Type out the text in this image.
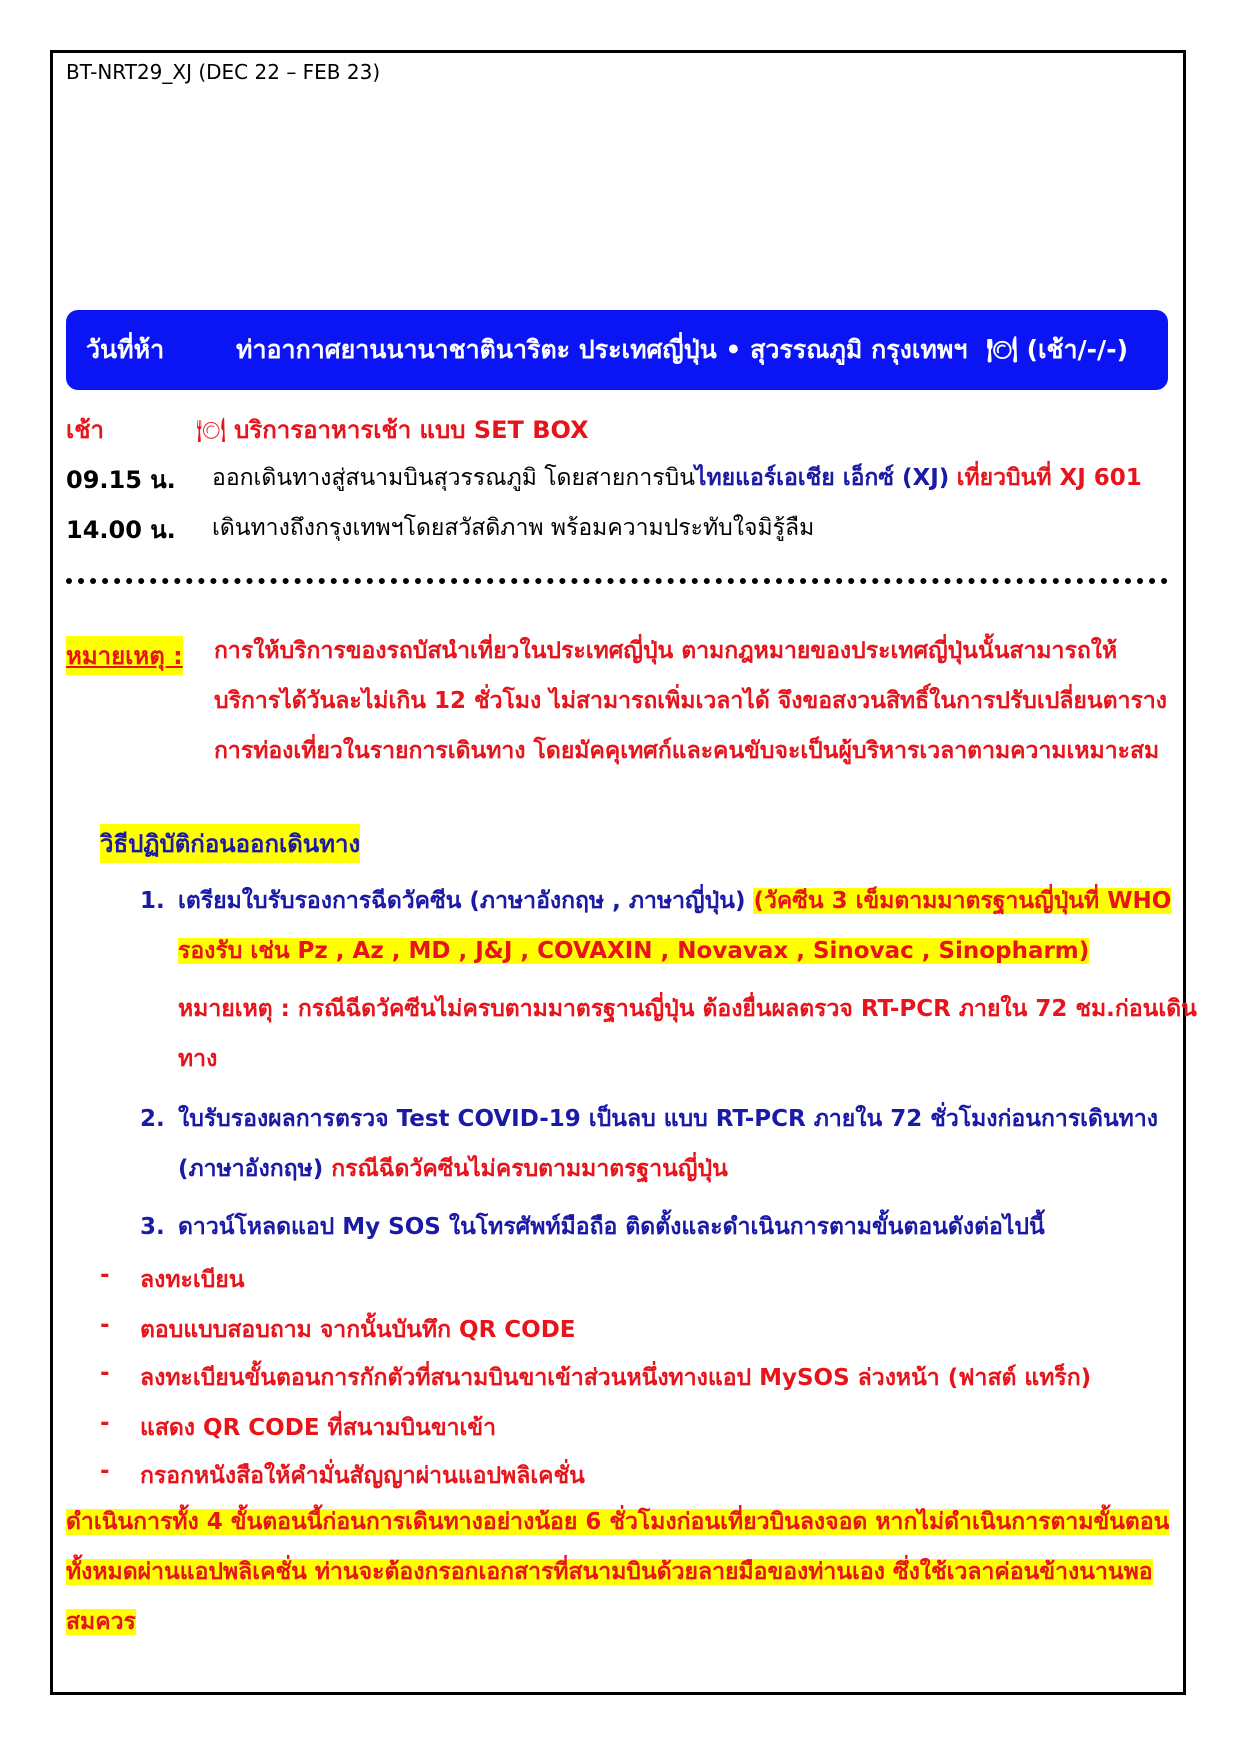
BT-NRT29_XJ (DEC 22 – FEB 23)
วันที่ห้า	ท่าอากาศยานนานาชาตินาริตะ ประเทศญี่ปุ่น • สุวรรณภูมิ กรุงเทพฯ 🍽 (เช้า/-/-)
เช้า	🍽 บริการอาหารเช้า แบบ SET BOX
09.15 น. ออกเดินทางสู่สนามบินสุวรรณภูมิ โดยสายการบินไทยแอร์เอเชีย เอ็กซ์ (XJ) เที่ยวบินที่ XJ 601
14.00 น. เดินทางถึงกรุงเทพฯโดยสวัสดิภาพ พร้อมความประทับใจมิรู้ลืม
หมายเหตุ : การให้บริการของรถบัสนำเที่ยวในประเทศญี่ปุ่น ตามกฎหมายของประเทศญี่ปุ่นนั้นสามารถให้บริการได้วันละไม่เกิน 12 ชั่วโมง ไม่สามารถเพิ่มเวลาได้ จึงขอสงวนสิทธิ์ในการปรับเปลี่ยนตารางการท่องเที่ยวในรายการเดินทาง โดยมัคคุเทศก์และคนขับจะเป็นผู้บริหารเวลาตามความเหมาะสม
วิธีปฏิบัติก่อนออกเดินทาง
1. เตรียมใบรับรองการฉีดวัคซีน (ภาษาอังกฤษ , ภาษาญี่ปุ่น) (วัคซีน 3 เข็มตามมาตรฐานญี่ปุ่นที่ WHO รองรับ เช่น Pz , Az , MD , J&J , COVAXIN , Novavax , Sinovac , Sinopharm)
หมายเหตุ : กรณีฉีดวัคซีนไม่ครบตามมาตรฐานญี่ปุ่น ต้องยื่นผลตรวจ RT-PCR ภายใน 72 ชม.ก่อนเดินทาง
2. ใบรับรองผลการตรวจ Test COVID-19 เป็นลบ แบบ RT-PCR ภายใน 72 ชั่วโมงก่อนการเดินทาง (ภาษาอังกฤษ) กรณีฉีดวัคซีนไม่ครบตามมาตรฐานญี่ปุ่น
3. ดาวน์โหลดแอป My SOS ในโทรศัพท์มือถือ ติดตั้งและดำเนินการตามขั้นตอนดังต่อไปนี้
- ลงทะเบียน
- ตอบแบบสอบถาม จากนั้นบันทึก QR CODE
- ลงทะเบียนขั้นตอนการกักตัวที่สนามบินขาเข้าส่วนหนึ่งทางแอป MySOS ล่วงหน้า (ฟาสต์ แทร็ก)
- แสดง QR CODE ที่สนามบินขาเข้า
- กรอกหนังสือให้คำมั่นสัญญาผ่านแอปพลิเคชั่น
ดำเนินการทั้ง 4 ขั้นตอนนี้ก่อนการเดินทางอย่างน้อย 6 ชั่วโมงก่อนเที่ยวบินลงจอด หากไม่ดำเนินการตามขั้นตอนทั้งหมดผ่านแอปพลิเคชั่น ท่านจะต้องกรอกเอกสารที่สนามบินด้วยลายมือของท่านเอง ซึ่งใช้เวลาค่อนข้างนานพอสมควร
